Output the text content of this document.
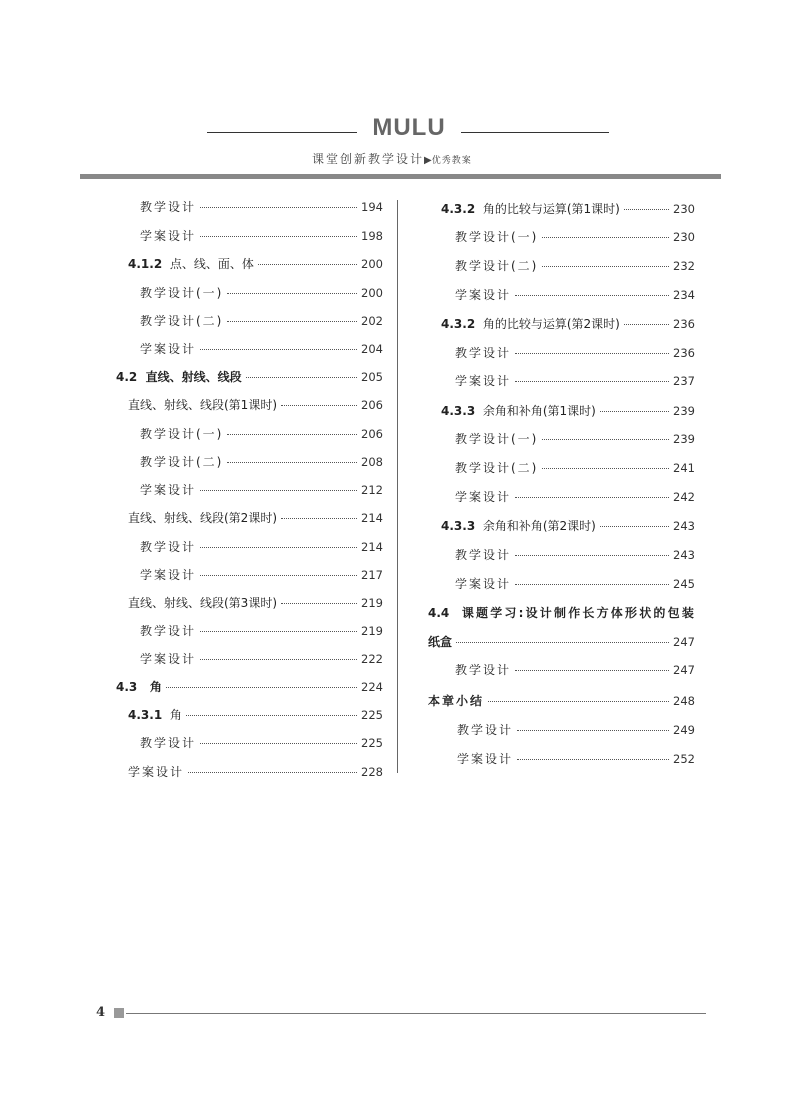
MULU
课堂创新教学设计▶优秀教案
教学设计	194
学案设计	198
4.1.2 点、线、面、体	200
教学设计(一)	200
教学设计(二)	202
学案设计	204
4.2 直线、射线、线段	205
直线、射线、线段(第1课时)	206
教学设计(一)	206
教学设计(二)	208
学案设计	212
直线、射线、线段(第2课时)	214
教学设计	214
学案设计	217
直线、射线、线段(第3课时)	219
教学设计	219
学案设计	222
4.3 角	224
4.3.1 角	225
教学设计	225
学案设计	228
4.3.2 角的比较与运算(第1课时)	230
教学设计(一)	230
教学设计(二)	232
学案设计	234
4.3.2 角的比较与运算(第2课时)	236
教学设计	236
学案设计	237
4.3.3 余角和补角(第1课时)	239
教学设计(一)	239
教学设计(二)	241
学案设计	242
4.3.3 余角和补角(第2课时)	243
教学设计	243
学案设计	245
4.4 课题学习:设计制作长方体形状的包装
纸盒	247
教学设计	247
本章小结	248
教学设计	249
学案设计	252
4
